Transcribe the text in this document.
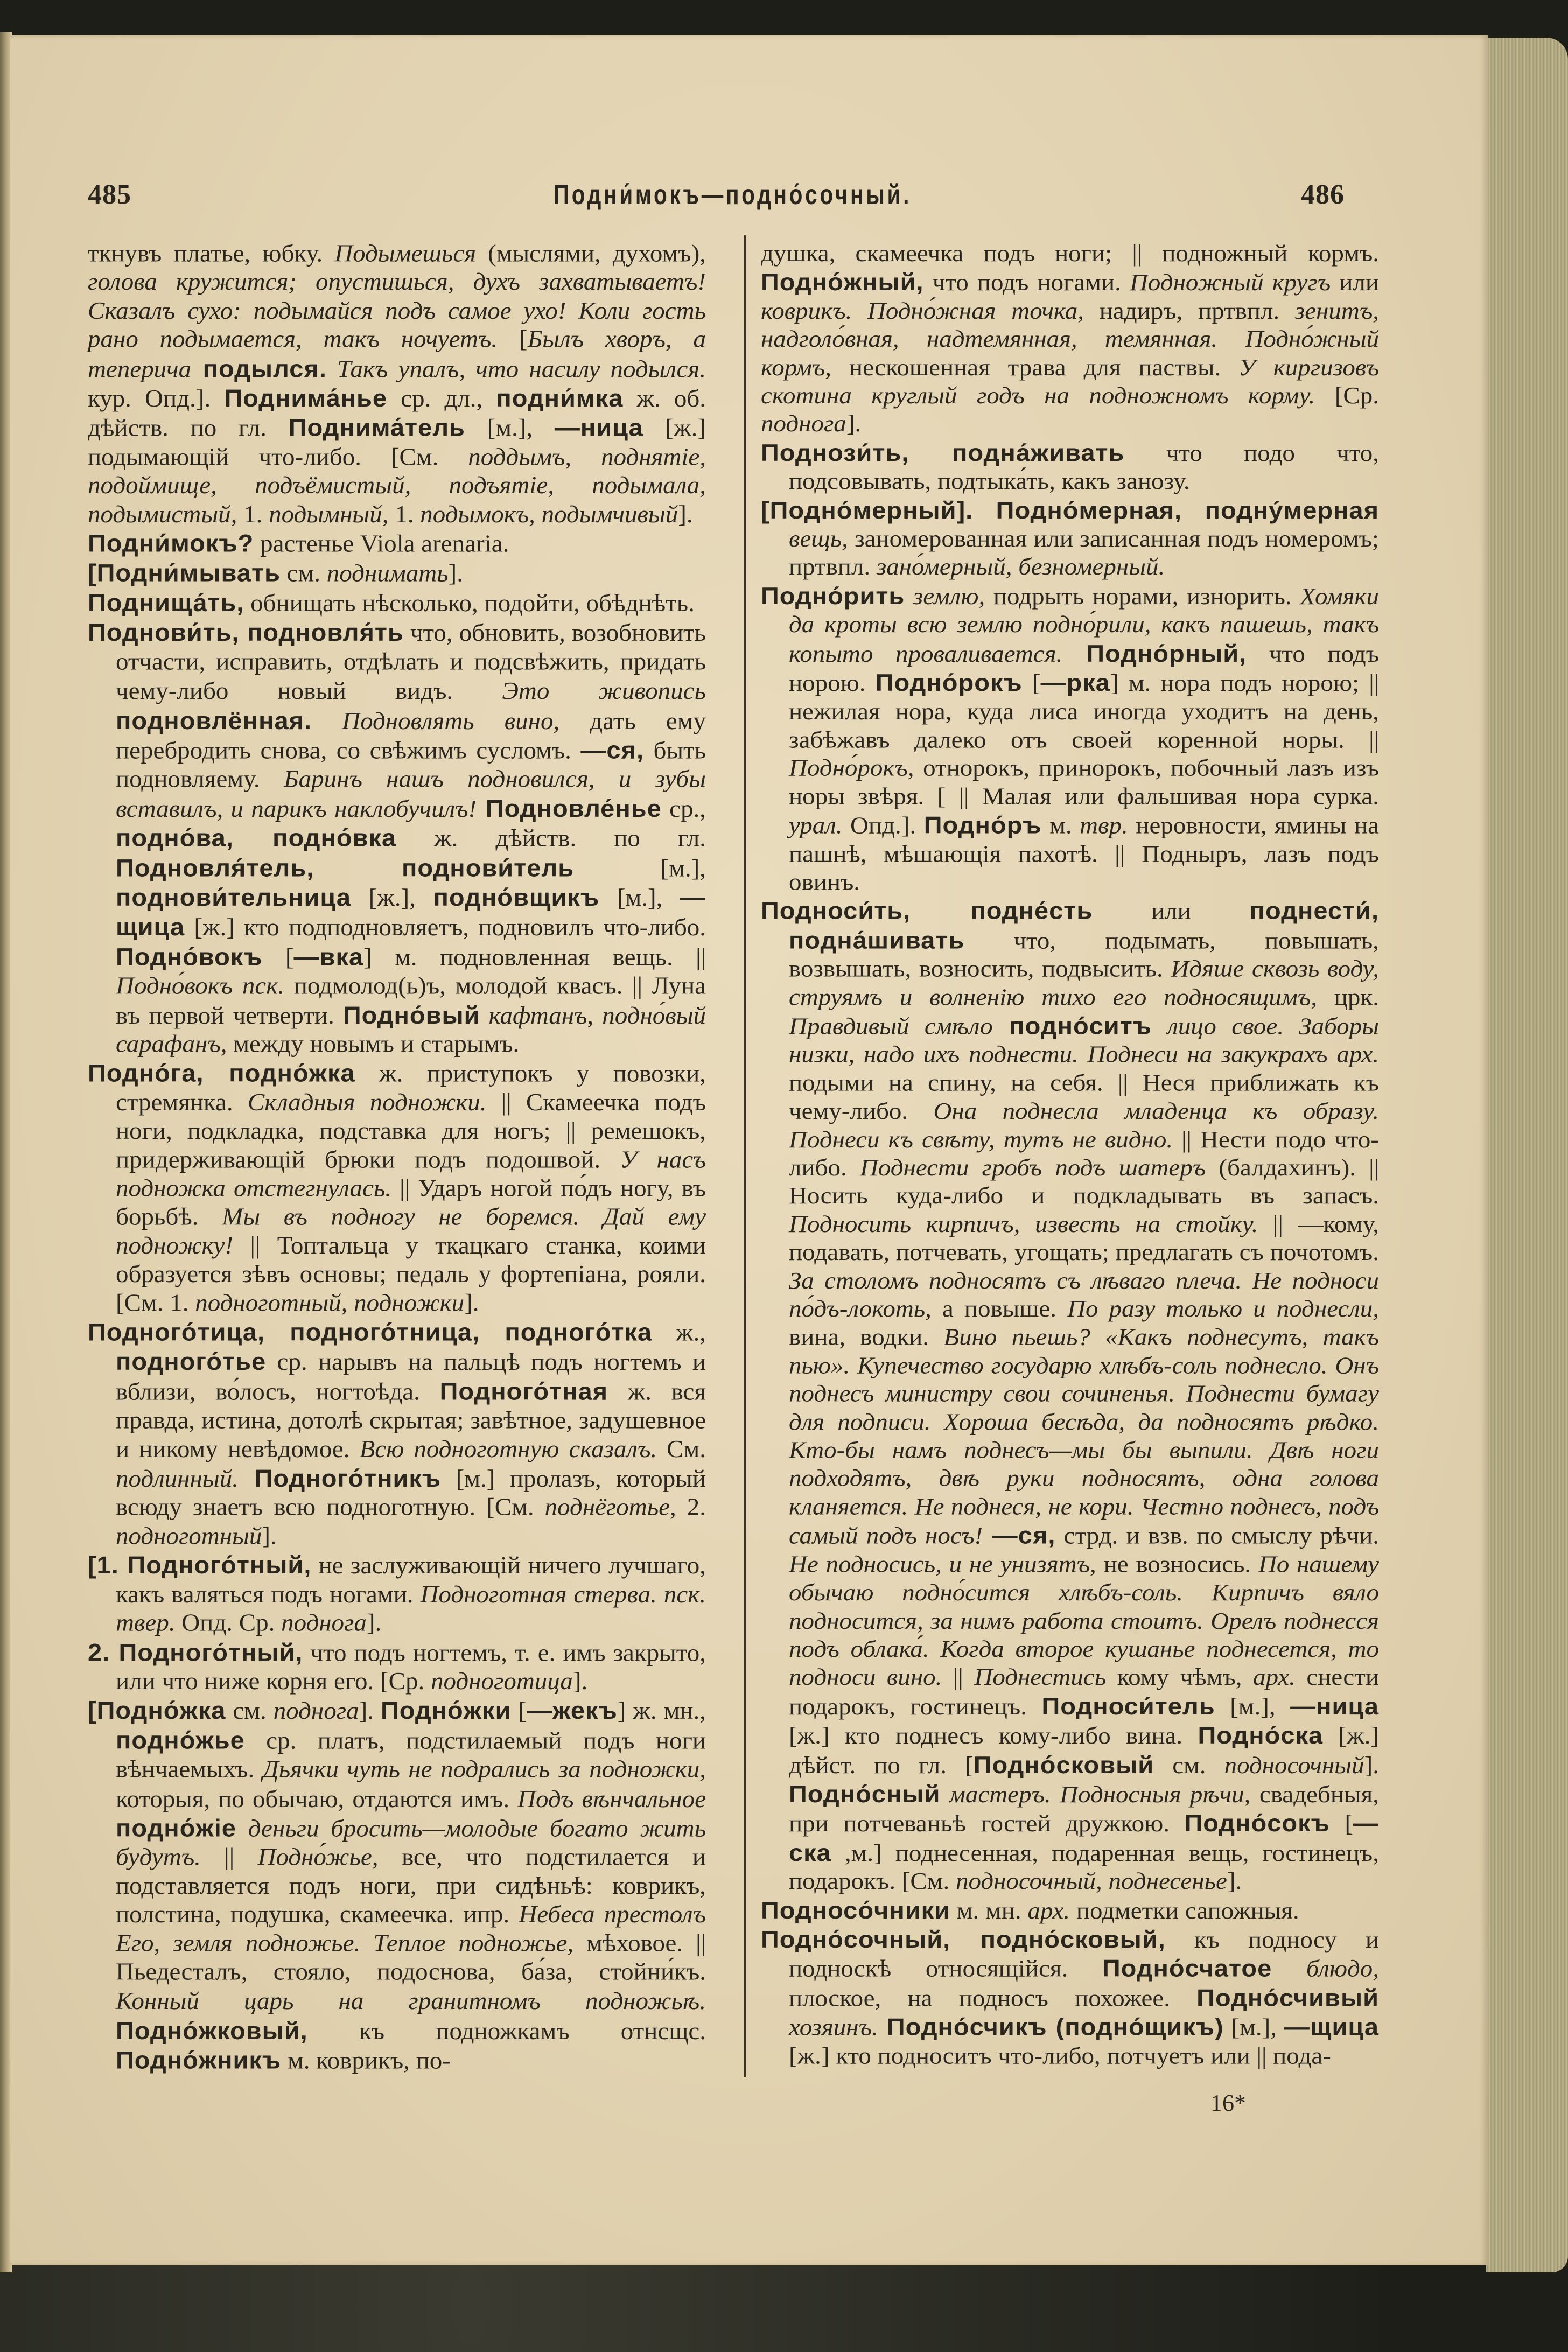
485	Подни́мокъ—подно́сочный.	486

ткнувъ платье, юбку. Подымешься (мыслями, духомъ), голова кружится; опустишься, духъ захватываетъ! Сказалъ сухо: подымайся подъ самое ухо! Коли гость рано подымается, такъ ночуетъ. [Былъ хворъ, а теперича подылся. Такъ упалъ, что насилу подылся. кур. Опд.]. Поднима́нье ср. дл., подни́мка ж. об. дѣйств. по гл. Поднима́тель [м.], —ница [ж.] подымающій что-либо. [См. поддымъ, поднятіе, подоймище, подъёмистый, подъятіе, подымала, подымистый, 1. подымный, 1. подымокъ, подымчивый].

Подни́мокъ? растенье Viola arenaria.

[Подни́мывать см. поднимать].

Поднища́ть, обнищать нѣсколько, подойти, обѣднѣть.

Поднови́ть, подновля́ть что, обновить, возобновить отчасти, исправить, отдѣлать и подсвѣжить, придать чему-либо новый видъ. Это живопись подновлённая. Подновлять вино, дать ему перебродить снова, со свѣжимъ сусломъ. —ся, быть подновляему. Баринъ нашъ подновился, и зубы вставилъ, и парикъ наклобучилъ! Подновле́нье ср., подно́ва, подно́вка ж. дѣйств. по гл. Подновля́тель, поднови́тель [м.], поднови́тельница [ж.], подно́вщикъ [м.], —щица [ж.] кто подподновляетъ, подновилъ что-либо. Подно́вокъ [—вка] м. подновленная вещь. || Подно́вокъ пск. подмолод(ь)ъ, молодой квасъ. || Луна въ первой четверти. Подно́вый кафтанъ, подно́вый сарафанъ, между новымъ и старымъ.

Подно́га, подно́жка ж. приступокъ у повозки, стремянка. Складныя подножки. || Скамеечка подъ ноги, подкладка, подставка для ногъ; || ремешокъ, придерживающій брюки подъ подошвой. У насъ подножка отстегнулась. || Ударъ ногой по́дъ ногу, въ борьбѣ. Мы въ подногу не боремся. Дай ему подножку! || Топтальца у ткацкаго станка, коими образуется зѣвъ основы; педаль у фортепіана, рояли. [См. 1. подноготный, подножки].

Подного́тица, подного́тница, подного́тка ж., подного́тье ср. нарывъ на пальцѣ подъ ногтемъ и вблизи, во́лосъ, ногтоѣда. Подного́тная ж. вся правда, истина, дотолѣ скрытая; завѣтное, задушевное и никому невѣдомое. Всю подноготную сказалъ. См. подлинный. Подного́тникъ [м.] пролазъ, который всюду знаетъ всю подноготную. [См. поднёготье, 2. подноготный].

[1. Подного́тный, не заслуживающій ничего лучшаго, какъ валяться подъ ногами. Подноготная стерва. пск. твер. Опд. Ср. поднога].

2. Подного́тный, что подъ ногтемъ, т. е. имъ закрыто, или что ниже корня его. [Ср. подноготица].

[Подно́жка см. поднога]. Подно́жки [—жекъ] ж. мн., подно́жье ср. платъ, подстилаемый подъ ноги вѣнчаемыхъ. Дьячки чуть не подрались за подножки, которыя, по обычаю, отдаются имъ. Подъ вѣнчальное подно́жіе деньги бросить—молодые богато жить будутъ. || Подно́жье, все, что подстилается и подставляется подъ ноги, при сидѣньѣ: коврикъ, полстина, подушка, скамеечка. ипр. Небеса престолъ Его, земля подножье. Теплое подножье, мѣховое. || Пьедесталъ, стояло, подоснова, ба́за, стойни́къ. Конный царь на гранитномъ подножьѣ. Подно́жковый, къ подножкамъ отнсщс. Подно́жникъ м. коврикъ, по-

душка, скамеечка подъ ноги; || подножный кормъ. Подно́жный, что подъ ногами. Подножный кругъ или коврикъ. Подно́жная точка, надиръ, пртвпл. зенитъ, надголо́вная, надтемянная, темянная. Подно́жный кормъ, нескошенная трава для паствы. У киргизовъ скотина круглый годъ на подножномъ корму. [Ср. поднога].

Поднози́ть, подна́живать что подо что, подсовывать, подтыка́ть, какъ занозу.

[Подно́мерный]. Подно́мерная, подну́мерная вещь, заномерованная или записанная подъ номеромъ; пртвпл. зано́мерный, безномерный.

Подно́рить землю, подрыть норами, изнорить. Хомяки да кроты всю землю подно́рили, какъ пашешь, такъ копыто проваливается. Подно́рный, что подъ норою. Подно́рокъ [—рка] м. нора подъ норою; || нежилая нора, куда лиса иногда уходитъ на день, забѣжавъ далеко отъ своей коренной норы. || Подно́рокъ, отнорокъ, принорокъ, побочный лазъ изъ норы звѣря. [ || Малая или фальшивая нора сурка. урал. Опд.]. Подно́ръ м. твр. неровности, ямины на пашнѣ, мѣшающія пахотѣ. || Подныръ, лазъ подъ овинъ.

Подноси́ть, подне́сть или поднести́, подна́шивать что, подымать, повышать, возвышать, возносить, подвысить. Идяше сквозь воду, струямъ и волненію тихо его подносящимъ, црк. Правдивый смѣло подно́ситъ лицо свое. Заборы низки, надо ихъ поднести. Поднеси на закукрахъ арх. подыми на спину, на себя. || Неся приближать къ чему-либо. Она поднесла младенца къ образу. Поднеси къ свѣту, тутъ не видно. || Нести подо что-либо. Поднести гробъ подъ шатеръ (балдахинъ). || Носить куда-либо и подкладывать въ запасъ. Подносить кирпичъ, известь на стойку. || —кому, подавать, потчевать, угощать; предлагать съ почотомъ. За столомъ подносятъ съ лѣваго плеча. Не подноси по́дъ-локоть, а повыше. По разу только и поднесли, вина, водки. Вино пьешь? «Какъ поднесутъ, такъ пью». Купечество государю хлѣбъ-соль поднесло. Онъ поднесъ министру свои сочиненья. Поднести бумагу для подписи. Хороша бесѣда, да подносятъ рѣдко. Кто-бы намъ поднесъ—мы бы выпили. Двѣ ноги подходятъ, двѣ руки подносятъ, одна голова кланяется. Не поднеся, не кори. Честно поднесъ, подъ самый подъ носъ! —ся, стрд. и взв. по смыслу рѣчи. Не подносись, и не унизятъ, не возносись. По нашему обычаю подно́сится хлѣбъ-соль. Кирпичъ вяло подносится, за нимъ работа стоитъ. Орелъ поднесся подъ облака́. Когда второе кушанье поднесется, то подноси вино. || Поднестись кому чѣмъ, арх. снести подарокъ, гостинецъ. Подноси́тель [м.], —ница [ж.] кто поднесъ кому-либо вина. Подно́ска [ж.] дѣйст. по гл. [Подно́сковый см. подносочный]. Подно́сный мастеръ. Подносныя рѣчи, свадебныя, при потчеваньѣ гостей дружкою. Подно́сокъ [—ска ,м.] поднесенная, подаренная вещь, гостинецъ, подарокъ. [См. подносочный, поднесенье].

Подносо́чники м. мн. арх. подметки сапожныя.

Подно́сочный, подно́сковый, къ подносу и подноскѣ относящійся. Подно́счатое блюдо, плоское, на подносъ похожее. Подно́счивый хозяинъ. Подно́счикъ (подно́щикъ) [м.], —щица [ж.] кто подноситъ что-либо, потчуетъ или || пода-

16*
